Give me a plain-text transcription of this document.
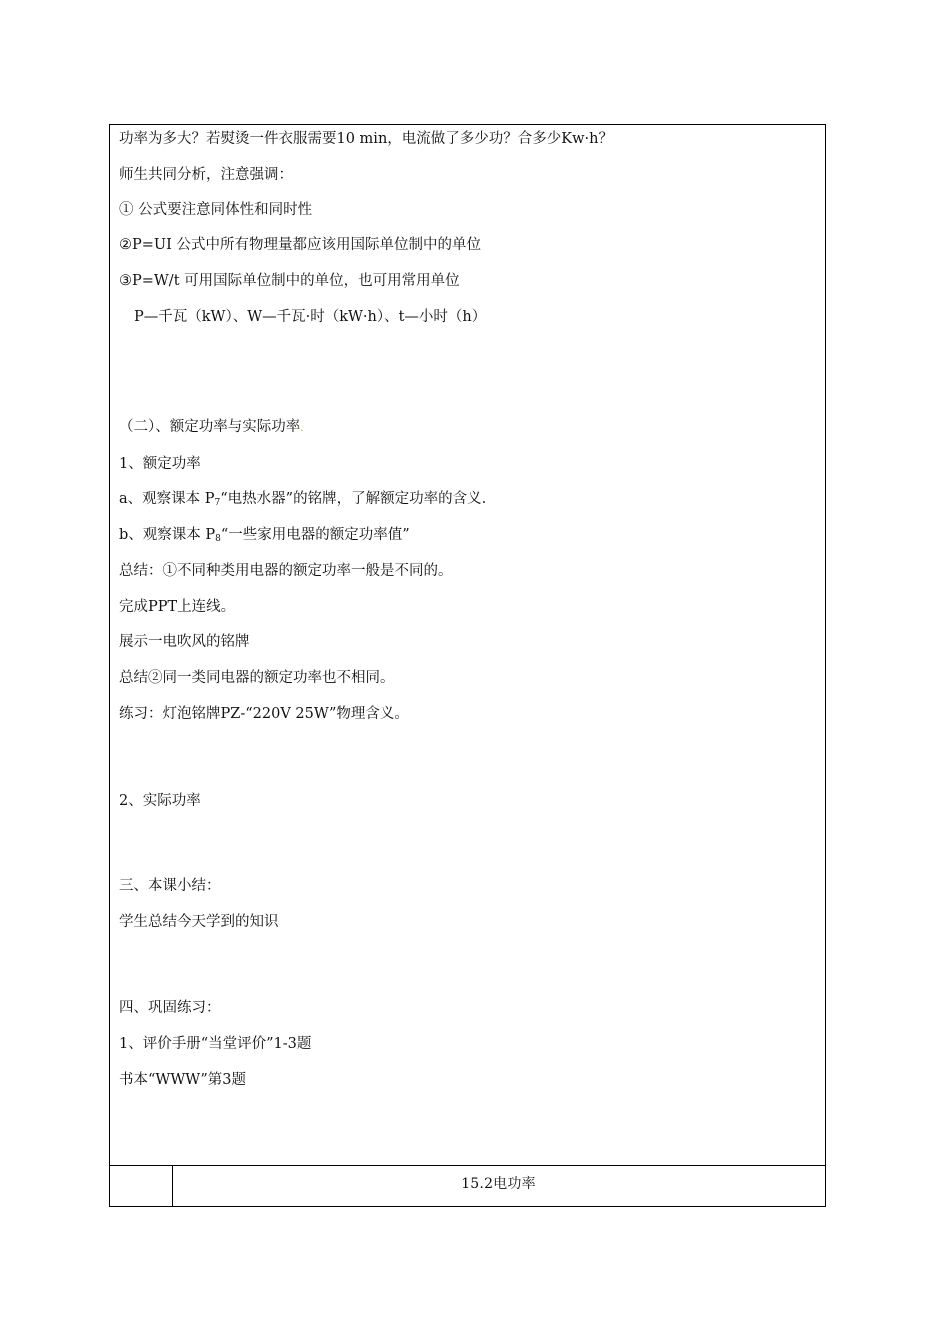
功率为多大？若熨烫一件衣服需要10 min，电流做了多少功？合多少Kw·h？
师生共同分析，注意强调：
① 公式要注意同体性和同时性
②P=UI 公式中所有物理量都应该用国际单位制中的单位
③P=W/t 可用国际单位制中的单位，也可用常用单位
P—千瓦（kW）、W—千瓦·时（kW·h）、t—小时（h）
（二）、额定功率与实际功率.
1、额定功率
a、观察课本 $P_7“$电热水器”的铭牌，了解额定功率的含义.
b、观察课本 $P_8“$一些家用电器的额定功率值”
总结：①不同种类用电器的额定功率一般是不同的。
完成PPT上连线。
展示一电吹风的铭牌
总结②同一类同电器的额定功率也不相同。
练习：灯泡铭牌PZ-“220V 25W”物理含义。
2、实际功率
三、本课小结：
学生总结今天学到的知识
四、巩固练习：
1、评价手册“当堂评价”1-3题
书本“WWW”第3题
15.2电功率
